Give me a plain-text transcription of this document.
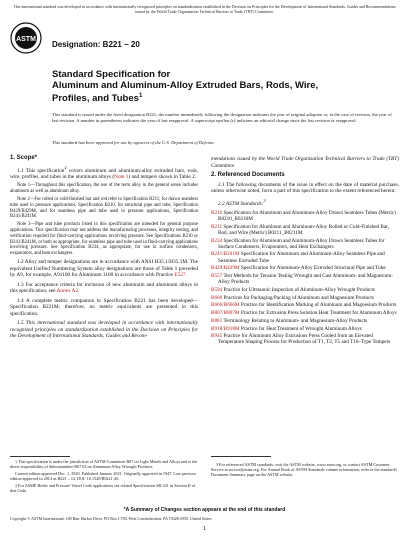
This international standard was developed in accordance with internationally recognized principles on standardization established in the Decision on Principles for the Development of International Standards, Guides and Recommendations issued by the World Trade Organization Technical Barriers to Trade (TBT) Committee.
ASTM
Designation: B221 − 20
Standard Specification for
Aluminum and Aluminum-Alloy Extruded Bars, Rods, Wire,
Profiles, and Tubes$^1$
This standard is issued under the fixed designation B221; the number immediately following the designation indicates the year of original adoption or, in the case of revision, the year of last revision. A number in parentheses indicates the year of last reapproval. A superscript epsilon (ε) indicates an editorial change since the last revision or reapproval.
This standard has been approved for use by agencies of the U.S. Department of Defense.
1. Scope*

1.1 This specification$^2$ covers aluminum and aluminum-alloy extruded bars, rods, wire, profiles, and tubes in the aluminum alloys (Note 1) and tempers shown in Table 2.

Note 1—Throughout this specification, the use of the term alloy in the general sense includes aluminum as well as aluminum alloy.

Note 2—For rolled or cold-finished bar and rod refer to Specification B211; for drawn seamless tube used in pressure applications, Specification B210, for structural pipe and tube, Specification B429/B429M, and for seamless pipe and tube used in pressure applications, Specification B241/B241M.

Note 3—Pipe and tube products listed in this specification are intended for general purpose applications. This specification may not address the manufacturing processes, integrity testing, and verification required for fluid-carrying applications involving pressure. See Specifications B210 or B241/B241M, or both as appropriate, for seamless pipe and tube used in fluid-carrying applications involving pressure. See Specification B234, as appropriate, for use in surface condensers, evaporators, and heat exchangers.

1.2 Alloy and temper designations are in accordance with ANSI H35.1/H35.1M. The equivalent Unified Numbering System alloy designations are those of Table 1 preceded by A9, for example, A91100 for Aluminum 1100 in accordance with Practice E527.

1.3 For acceptance criteria for inclusion of new aluminum and aluminum alloys in this specification, see Annex A2.

1.4 A complete metric companion to Specification B221 has been developed—Specification B221M; therefore, no metric equivalents are presented in this specification.

1.5 This international standard was developed in accordance with internationally recognized principles on standardization established in the Decision on Principles for the Development of International Standards, Guides and Recom-

mendations issued by the World Trade Organization Technical Barriers to Trade (TBT) Committee.

2. Referenced Documents

2.1 The following documents of the issue in effect on the date of material purchase, unless otherwise noted, form a part of this specification to the extent referenced herein:

2.2 ASTM Standards:$^3$

B210 Specification for Aluminum and Aluminum-Alloy Drawn Seamless Tubes (Metric) B0210_B0210M
B211 Specification for Aluminum and Aluminum-Alloy Rolled or Cold-Finished Bar, Rod, and Wire (Metric) B0211_B0211M
B234 Specification for Aluminum and Aluminum-Alloy Drawn Seamless Tubes for Surface Condensers, Evaporators, and Heat Exchangers
B241/B241M Specification for Aluminum and Aluminum-Alloy Seamless Pipe and Seamless Extruded Tube
B429/B429M Specification for Aluminum-Alloy Extruded Structural Pipe and Tube
B557 Test Methods for Tension Testing Wrought and Cast Aluminum- and Magnesium-Alloy Products
B594 Practice for Ultrasonic Inspection of Aluminum-Alloy Wrought Products
B660 Practices for Packaging/Packing of Aluminum and Magnesium Products
B666/B666M Practice for Identification Marking of Aluminum and Magnesium Products
B807/B807M Practice for Extrusion Press Solution Heat Treatment for Aluminum Alloys
B881 Terminology Relating to Aluminum- and Magnesium-Alloy Products
B918/B918M Practice for Heat Treatment of Wrought Aluminum Alloys
B945 Practice for Aluminum Alloy Extrusions Press Cooled from an Elevated Temperature Shaping Process for Production of T1, T2, T5 and T10–Type Tempers
1 This specification is under the jurisdiction of ASTM Committee B07 on Light Metals and Alloys and is the direct responsibility of Subcommittee B07.03 on Aluminum Alloy Wrought Products.
Current edition approved Dec. 1, 2020. Published January 2021. Originally approved in 1947. Last previous edition approved in 2014 as B221 – 14. DOI: 10.1520/B0221-20.
2 For ASME Boiler and Pressure Vessel Code applications see related Specification SB-221 in Section II of that Code.
3 For referenced ASTM standards, visit the ASTM website, www.astm.org, or contact ASTM Customer Service at service@astm.org. For Annual Book of ASTM Standards volume information, refer to the standard's Document Summary page on the ASTM website.
*A Summary of Changes section appears at the end of this standard
Copyright © ASTM International, 100 Barr Harbor Drive, PO Box C700, West Conshohocken, PA 19428-2959. United States
1
